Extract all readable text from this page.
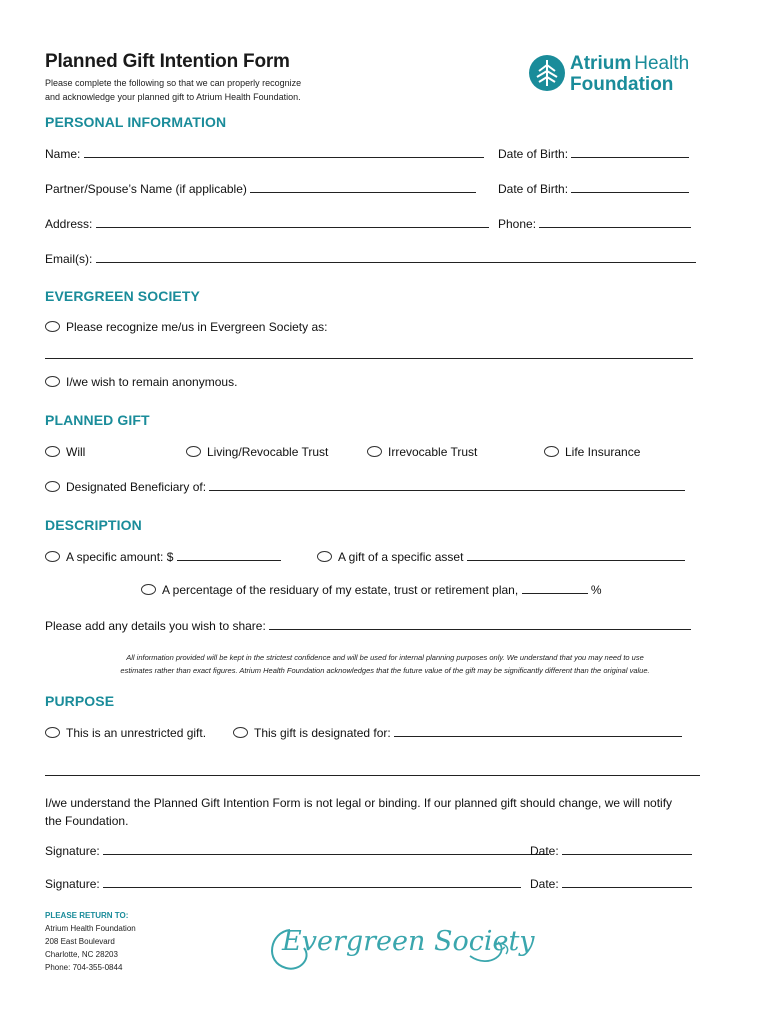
Planned Gift Intention Form
Please complete the following so that we can properly recognize
and acknowledge your planned gift to Atrium Health Foundation.
Atrium Health
Foundation
PERSONAL INFORMATION
Name:	Date of Birth:
Partner/Spouse’s Name (if applicable)	Date of Birth:
Address:	Phone:
Email(s):
EVERGREEN SOCIETY
Please recognize me/us in Evergreen Society as:
I/we wish to remain anonymous.
PLANNED GIFT
Will	Living/Revocable Trust	Irrevocable Trust	Life Insurance
Designated Beneficiary of:
DESCRIPTION
A specific amount: $	A gift of a specific asset
A percentage of the residuary of my estate, trust or retirement plan,	%
Please add any details you wish to share:
All information provided will be kept in the strictest confidence and will be used for internal planning purposes only. We understand that you may need to use
estimates rather than exact figures. Atrium Health Foundation acknowledges that the future value of the gift may be significantly different than the original value.
PURPOSE
This is an unrestricted gift.	This gift is designated for:
I/we understand the Planned Gift Intention Form is not legal or binding. If our planned gift should change, we will notify
the Foundation.
Signature:	Date:
Signature:	Date:
PLEASE RETURN TO:
Atrium Health Foundation
208 East Boulevard
Charlotte, NC 28203
Phone: 704-355-0844
Evergreen Society
